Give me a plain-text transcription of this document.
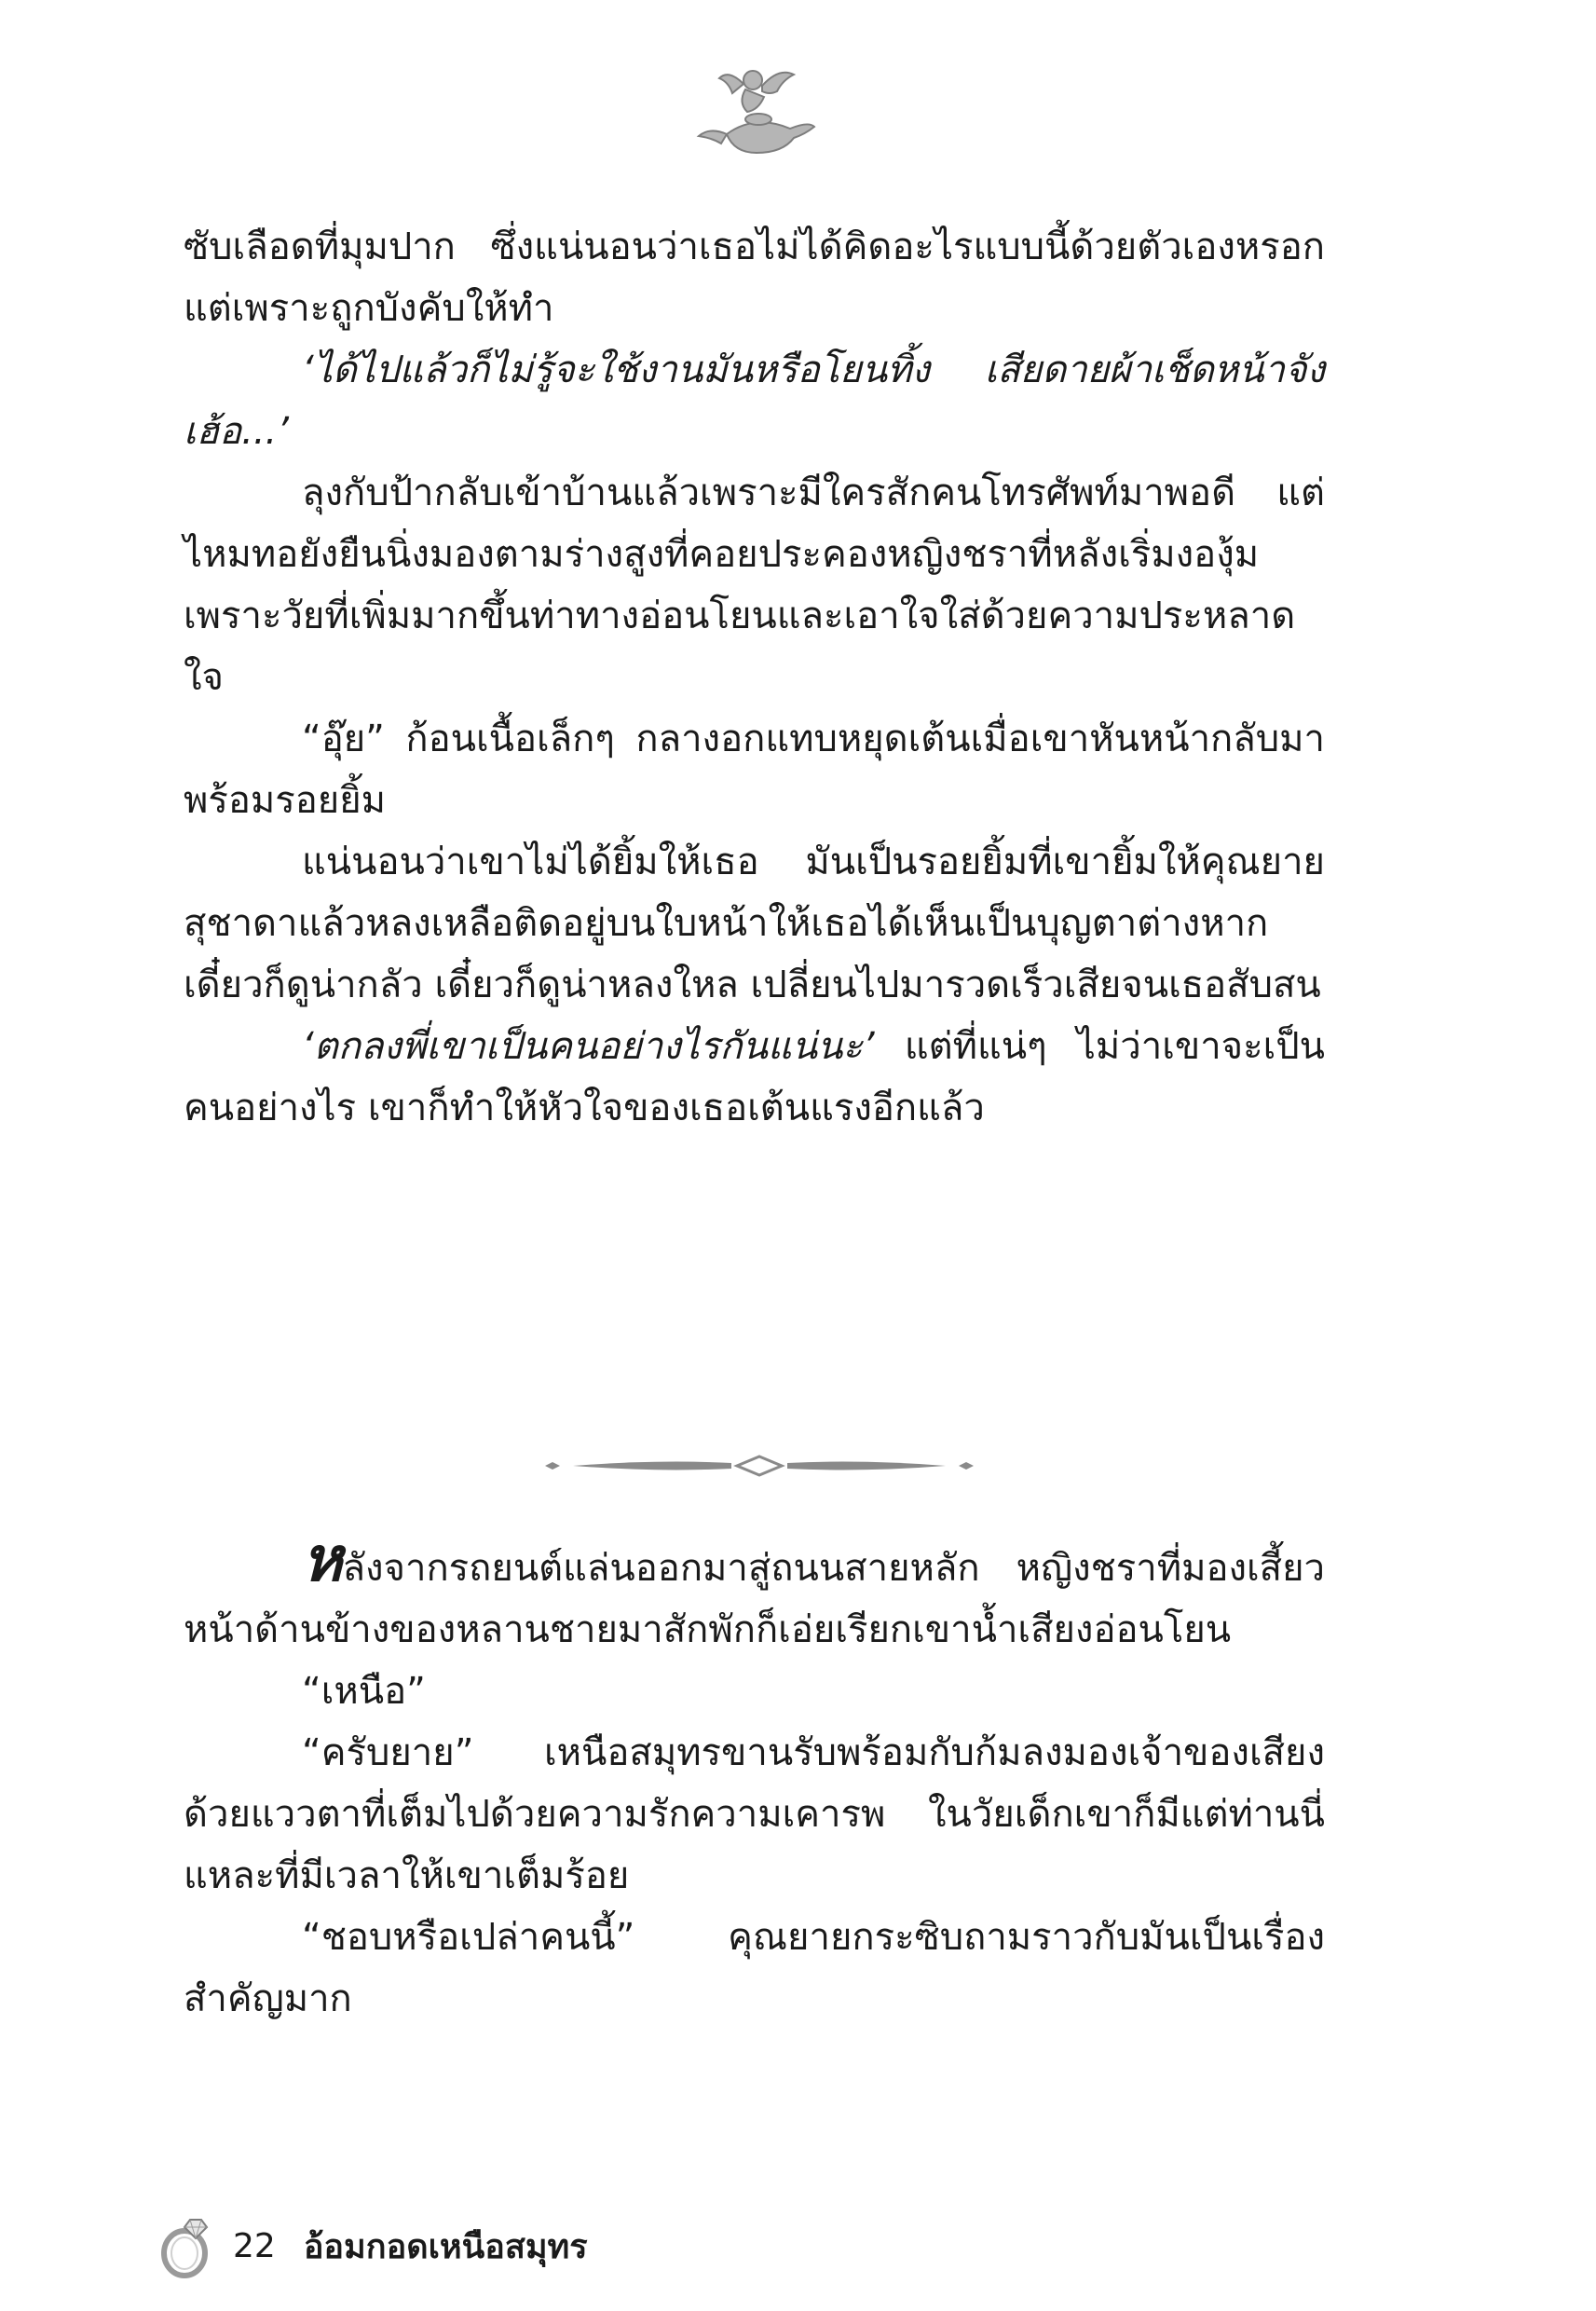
ซับเลือดที่มุมปาก ซึ่งแน่นอนว่าเธอไม่ได้คิดอะไรแบบนี้ด้วยตัวเองหรอก แต่เพราะถูกบังคับให้ทำ

‘ได้ไปแล้วก็ไม่รู้จะใช้งานมันหรือโยนทิ้ง เสียดายผ้าเช็ดหน้าจังเฮ้อ...’

ลุงกับป้ากลับเข้าบ้านแล้วเพราะมีใครสักคนโทรศัพท์มาพอดี แต่ไหมทอยังยืนนิ่งมองตามร่างสูงที่คอยประคองหญิงชราที่หลังเริ่มงองุ้มเพราะวัยที่เพิ่มมากขึ้นท่าทางอ่อนโยนและเอาใจใส่ด้วยความประหลาดใจ

“อุ๊ย” ก้อนเนื้อเล็กๆ กลางอกแทบหยุดเต้นเมื่อเขาหันหน้ากลับมาพร้อมรอยยิ้ม

แน่นอนว่าเขาไม่ได้ยิ้มให้เธอ มันเป็นรอยยิ้มที่เขายิ้มให้คุณยายสุชาดาแล้วหลงเหลือติดอยู่บนใบหน้าให้เธอได้เห็นเป็นบุญตาต่างหาก เดี๋ยวก็ดูน่ากลัว เดี๋ยวก็ดูน่าหลงใหล เปลี่ยนไปมารวดเร็วเสียจนเธอสับสน

‘ตกลงพี่เขาเป็นคนอย่างไรกันแน่นะ’ แต่ที่แน่ๆ ไม่ว่าเขาจะเป็นคนอย่างไร เขาก็ทำให้หัวใจของเธอเต้นแรงอีกแล้ว

หลังจากรถยนต์แล่นออกมาสู่ถนนสายหลัก หญิงชราที่มองเสี้ยวหน้าด้านข้างของหลานชายมาสักพักก็เอ่ยเรียกเขาน้ำเสียงอ่อนโยน

“เหนือ”

“ครับยาย” เหนือสมุทรขานรับพร้อมกับก้มลงมองเจ้าของเสียงด้วยแววตาที่เต็มไปด้วยความรักความเคารพ ในวัยเด็กเขาก็มีแต่ท่านนี่แหละที่มีเวลาให้เขาเต็มร้อย

“ชอบหรือเปล่าคนนี้” คุณยายกระซิบถามราวกับมันเป็นเรื่องสำคัญมาก

22 อ้อมกอดเหนือสมุทร
